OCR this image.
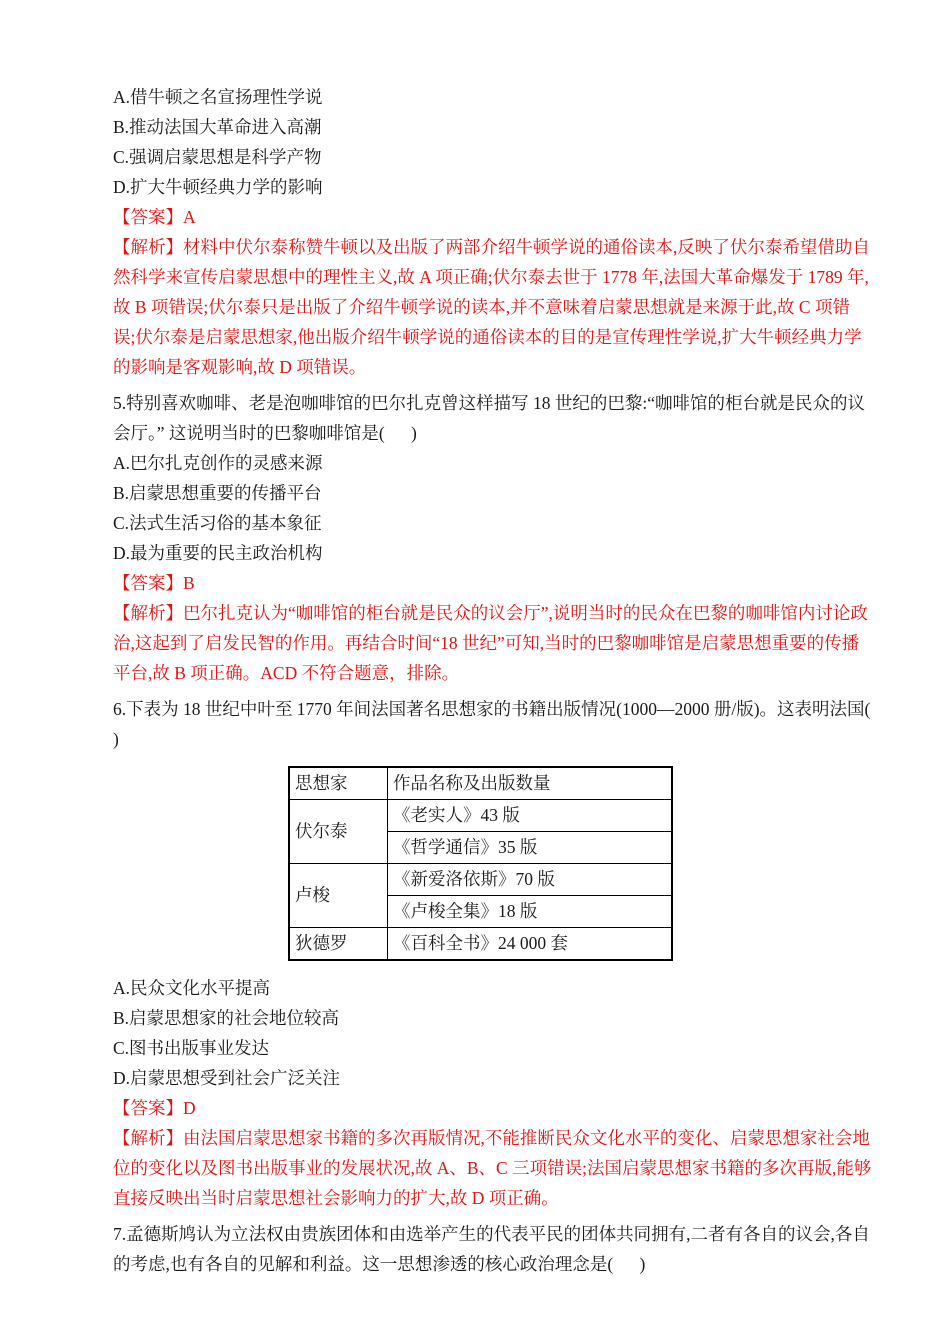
A.借牛顿之名宣扬理性学说

B.推动法国大革命进入高潮

C.强调启蒙思想是科学产物

D.扩大牛顿经典力学的影响

【答案】A

【解析】材料中伏尔泰称赞牛顿以及出版了两部介绍牛顿学说的通俗读本,反映了伏尔泰希望借助自然科学来宣传启蒙思想中的理性主义,故 A 项正确;伏尔泰去世于 1778 年,法国大革命爆发于 1789 年,故 B 项错误;伏尔泰只是出版了介绍牛顿学说的读本,并不意味着启蒙思想就是来源于此,故 C 项错误;伏尔泰是启蒙思想家,他出版介绍牛顿学说的通俗读本的目的是宣传理性学说,扩大牛顿经典力学的影响是客观影响,故 D 项错误。

5.特别喜欢咖啡、老是泡咖啡馆的巴尔扎克曾这样描写 18 世纪的巴黎:“咖啡馆的柜台就是民众的议会厅。” 这说明当时的巴黎咖啡馆是(      )

A.巴尔扎克创作的灵感来源

B.启蒙思想重要的传播平台

C.法式生活习俗的基本象征

D.最为重要的民主政治机构

【答案】B

【解析】巴尔扎克认为“咖啡馆的柜台就是民众的议会厅”,说明当时的民众在巴黎的咖啡馆内讨论政治,这起到了启发民智的作用。再结合时间“18 世纪”可知,当时的巴黎咖啡馆是启蒙思想重要的传播平台,故 B 项正确。ACD 不符合题意，排除。

6.下表为 18 世纪中叶至 1770 年间法国著名思想家的书籍出版情况(1000—2000 册/版)。这表明法国(      )

思想家	作品名称及出版数量
伏尔泰	《老实人》43 版
	《哲学通信》35 版
卢梭	《新爱洛依斯》70 版
	《卢梭全集》18 版
狄德罗	《百科全书》24 000 套

A.民众文化水平提高

B.启蒙思想家的社会地位较高

C.图书出版事业发达

D.启蒙思想受到社会广泛关注

【答案】D

【解析】由法国启蒙思想家书籍的多次再版情况,不能推断民众文化水平的变化、启蒙思想家社会地位的变化以及图书出版事业的发展状况,故 A、B、C 三项错误;法国启蒙思想家书籍的多次再版,能够直接反映出当时启蒙思想社会影响力的扩大,故 D 项正确。

7.孟德斯鸠认为立法权由贵族团体和由选举产生的代表平民的团体共同拥有,二者有各自的议会,各自的考虑,也有各自的见解和利益。这一思想渗透的核心政治理念是(      )
